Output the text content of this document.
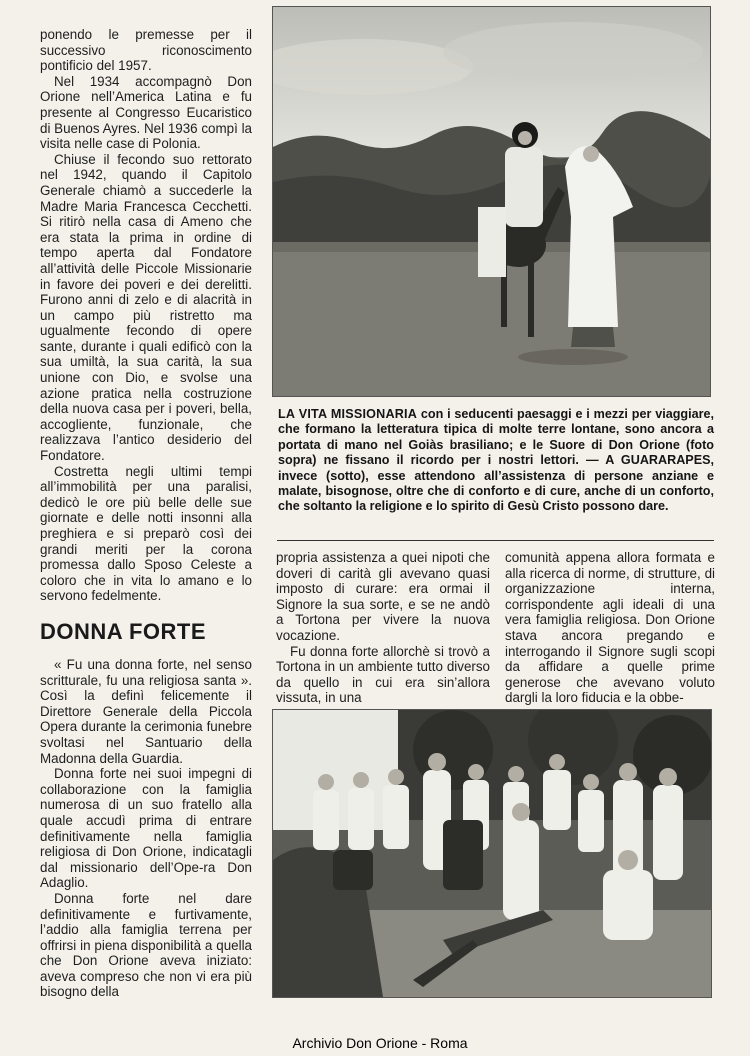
ponendo le premesse per il successivo riconoscimento pontificio del 1957.

Nel 1934 accompagnò Don Orione nell’America Latina e fu presente al Congresso Eucaristico di Buenos Ayres. Nel 1936 compì la visita nelle case di Polonia.

Chiuse il fecondo suo rettorato nel 1942, quando il Capitolo Generale chiamò a succederle la Madre Maria Francesca Cecchetti. Si ritirò nella casa di Ameno che era stata la prima in ordine di tempo aperta dal Fondatore all’attività delle Piccole Missionarie in favore dei poveri e dei derelitti. Furono anni di zelo e di alacrità in un campo più ristretto ma ugualmente fecondo di opere sante, durante i quali edificò con la sua umiltà, la sua carità, la sua unione con Dio, e svolse una azione pratica nella costruzione della nuova casa per i poveri, bella, accogliente, funzionale, che realizzava l’antico desiderio del Fondatore.

Costretta negli ultimi tempi all’immobilità per una paralisi, dedicò le ore più belle delle sue giornate e delle notti insonni alla preghiera e si preparò così dei grandi meriti per la corona promessa dallo Sposo Celeste a coloro che in vita lo amano e lo servono fedelmente.

DONNA FORTE

« Fu una donna forte, nel senso scritturale, fu una religiosa santa ». Così la definì felicemente il Direttore Generale della Piccola Opera durante la cerimonia funebre svoltasi nel Santuario della Madonna della Guardia.

Donna forte nei suoi impegni di collaborazione con la famiglia numerosa di un suo fratello alla quale accudì prima di entrare definitivamente nella famiglia religiosa di Don Orione, indicatagli dal missionario dell’Ope-ra Don Adaglio.

Donna forte nel dare definitivamente e furtivamente, l’addio alla famiglia terrena per offrirsi in piena disponibilità a quella che Don Orione aveva iniziato: aveva compreso che non vi era più bisogno della

LA VITA MISSIONARIA con i seducenti paesaggi e i mezzi per viaggiare, che formano la letteratura tipica di molte terre lontane, sono ancora a portata di mano nel Goiàs brasiliano; e le Suore di Don Orione (foto sopra) ne fissano il ricordo per i nostri lettori. — A GUARARAPES, invece (sotto), esse attendono all’assistenza di persone anziane e malate, bisognose, oltre che di conforto e di cure, anche di un conforto, che soltanto la religione e lo spirito di Gesù Cristo possono dare.

propria assistenza a quei nipoti che doveri di carità gli avevano quasi imposto di curare: era ormai il Signore la sua sorte, e se ne andò a Tortona per vivere la nuova vocazione.

Fu donna forte allorchè si trovò a Tortona in un ambiente tutto diverso da quello in cui era sin’allora vissuta, in una

comunità appena allora formata e alla ricerca di norme, di strutture, di organizzazione interna, corrispondente agli ideali di una vera famiglia religiosa. Don Orione stava ancora pregando e interrogando il Signore sugli scopi da affidare a quelle prime generose che avevano voluto dargli la loro fiducia e la obbe-

Archivio Don Orione - Roma
